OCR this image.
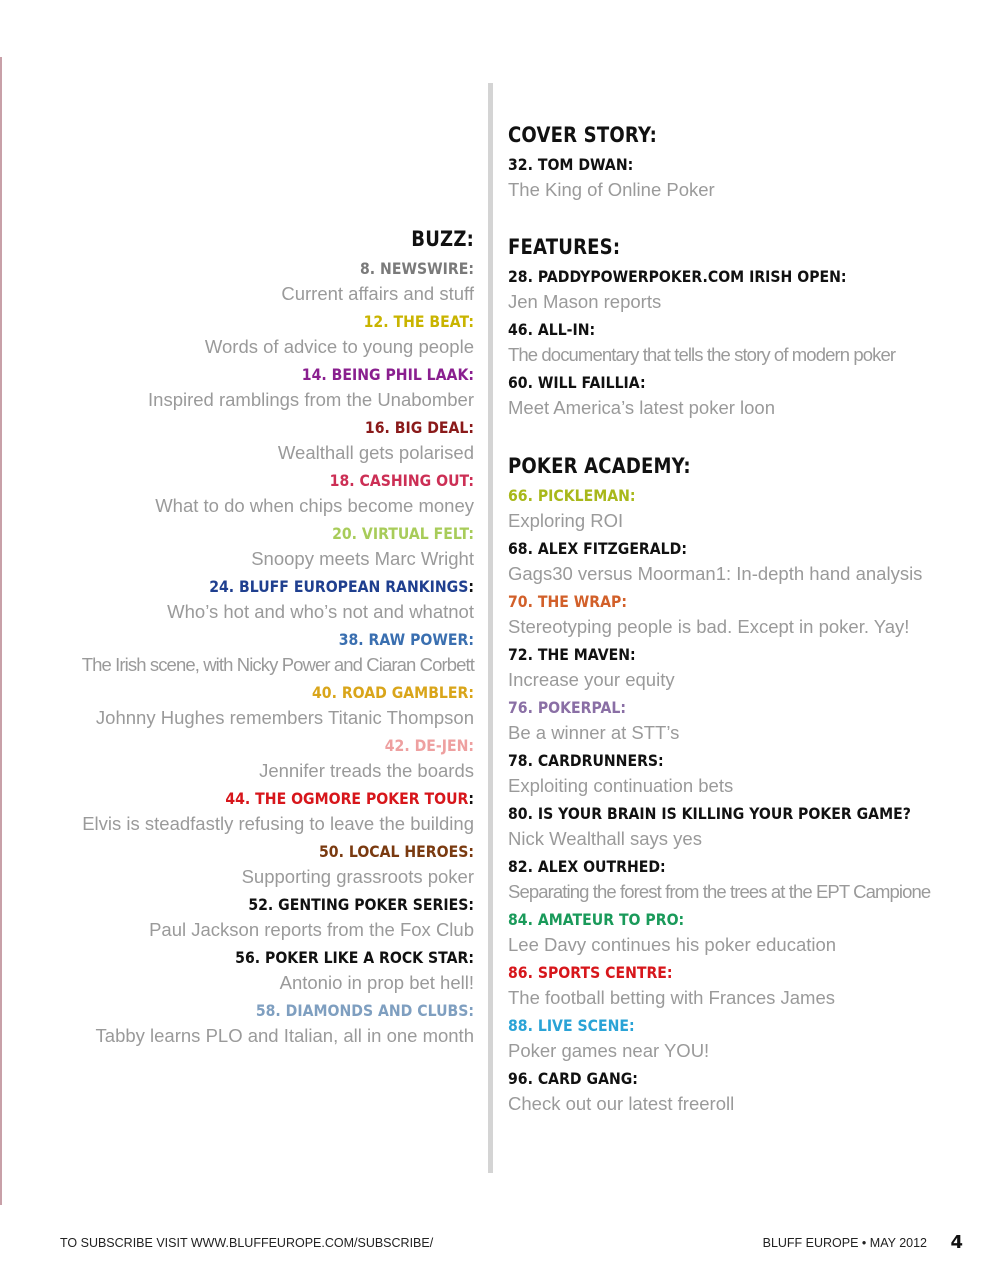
BUZZ:
8. NEWSWIRE:
Current affairs and stuff
12. THE BEAT:
Words of advice to young people
14. BEING PHIL LAAK:
Inspired ramblings from the Unabomber
16. BIG DEAL:
Wealthall gets polarised
18. CASHING OUT:
What to do when chips become money
20. VIRTUAL FELT:
Snoopy meets Marc Wright
24. BLUFF EUROPEAN RANKINGS:
Who’s hot and who’s not and whatnot
38. RAW POWER:
The Irish scene, with Nicky Power and Ciaran Corbett
40. ROAD GAMBLER:
Johnny Hughes remembers Titanic Thompson
42. DE-JEN:
Jennifer treads the boards
44. THE OGMORE POKER TOUR:
Elvis is steadfastly refusing to leave the building
50. LOCAL HEROES:
Supporting grassroots poker
52. GENTING POKER SERIES:
Paul Jackson reports from the Fox Club
56. POKER LIKE A ROCK STAR:
Antonio in prop bet hell!
58. DIAMONDS AND CLUBS:
Tabby learns PLO and Italian, all in one month
COVER STORY:
32. TOM DWAN:
The King of Online Poker
FEATURES:
28. PADDYPOWERPOKER.COM IRISH OPEN:
Jen Mason reports
46. ALL-IN:
The documentary that tells the story of modern poker
60. WILL FAILLIA:
Meet America’s latest poker loon
POKER ACADEMY:
66. PICKLEMAN:
Exploring ROI
68. ALEX FITZGERALD:
Gags30 versus Moorman1: In-depth hand analysis
70. THE WRAP:
Stereotyping people is bad. Except in poker. Yay!
72. THE MAVEN:
Increase your equity
76. POKERPAL:
Be a winner at STT’s
78. CARDRUNNERS:
Exploiting continuation bets
80. IS YOUR BRAIN IS KILLING YOUR POKER GAME?
Nick Wealthall says yes
82. ALEX OUTRHED:
Separating the forest from the trees at the EPT Campione
84. AMATEUR TO PRO:
Lee Davy continues his poker education
86. SPORTS CENTRE:
The football betting with Frances James
88. LIVE SCENE:
Poker games near YOU!
96. CARD GANG:
Check out our latest freeroll
TO SUBSCRIBE VISIT WWW.BLUFFEUROPE.COM/SUBSCRIBE/	BLUFF EUROPE • MAY 2012 4
